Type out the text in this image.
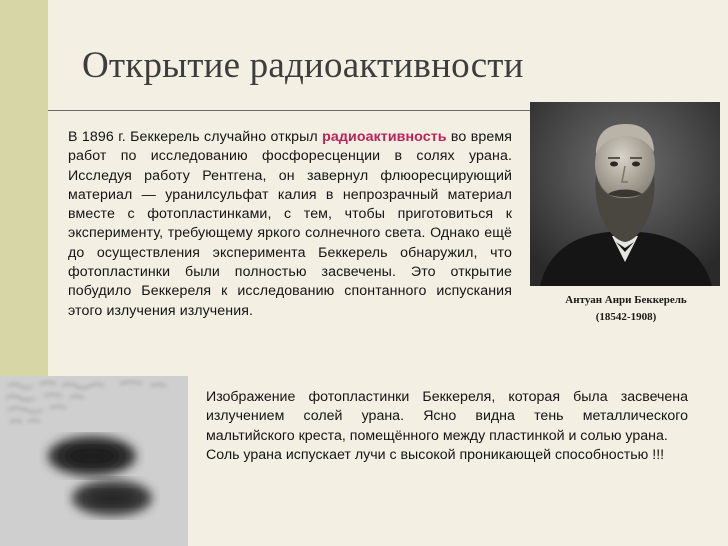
Открытие радиоактивности

В 1896 г. Беккерель случайно открыл радиоактивность во время работ по исследованию фосфоресценции в солях урана. Исследуя работу Рентгена, он завернул флюоресцирующий материал — уранилсульфат калия в непрозрачный материал вместе с фотопластинками, с тем, чтобы приготовиться к эксперименту, требующему яркого солнечного света. Однако ещё до осуществления эксперимента Беккерель обнаружил, что фотопластинки были полностью засвечены. Это открытие побудило Беккереля к исследованию спонтанного испускания этого излучения излучения.

Антуан Анри Беккерель
(18542-1908)

Изображение фотопластинки Беккереля, которая была засвечена излучением солей урана. Ясно видна тень металлического мальтийского креста, помещённого между пластинкой и солью урана.

Соль урана испускает лучи с высокой проникающей способностью !!!
